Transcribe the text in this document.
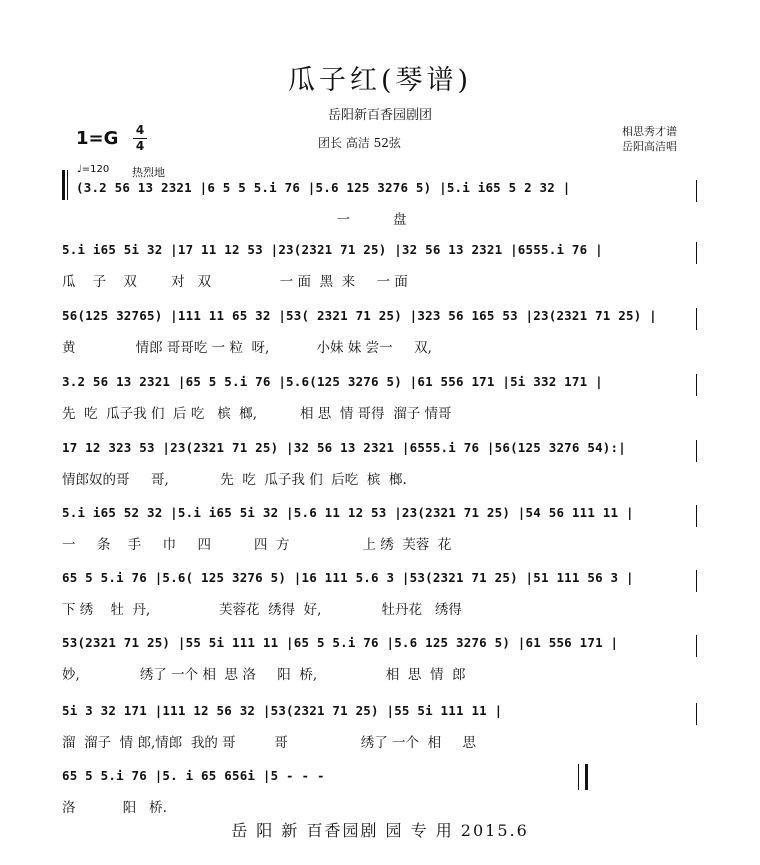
瓜子红(琴谱)
岳阳新百香园剧团
1=G 4
4	团长 高洁 52弦
相思秀才谱
岳阳高洁唱
♩=120 热烈地
(3.2 56 13 2321 |6 5 5 5.i 76 |5.6 125 3276 5) |5.i i65 5 2 32 |
一          盘
5.i i65 5i 32 |17 11 12 53 |23(2321 71 25) |32 56 13 2321 |6555.i 76 |
瓜    子    双        对   双                一 面  黑  来     一 面
56(125 32765) |111 11 65 32 |53( 2321 71 25) |323 56 165 53 |23(2321 71 25) |
黄              情郎 哥哥吃 一 粒  呀,           小妹 妹 尝一     双,
3.2 56 13 2321 |65 5 5.i 76 |5.6(125 3276 5) |61 556 171 |5i 332 171 |
先  吃  瓜子我 们  后 吃   槟  榔,          相 思  情 哥得  溜子 情哥
17 12 323 53 |23(2321 71 25) |32 56 13 2321 |6555.i 76 |56(125 3276 54):|
情郎奴的哥     哥,            先  吃  瓜子我 们  后吃  槟  榔.
5.i i65 52 32 |5.i i65 5i 32 |5.6 11 12 53 |23(2321 71 25) |54 56 111 11 |
一     条    手     巾     四          四  方                 上 绣  芙蓉  花
65 5 5.i 76 |5.6( 125 3276 5) |16 111 5.6 3 |53(2321 71 25) |51 111 56 3 |
下 绣    牡  丹,                芙蓉花  绣得  好,              牡丹花   绣得
53(2321 71 25) |55 5i 111 11 |65 5 5.i 76 |5.6 125 3276 5) |61 556 171 |
妙,              绣了 一个 相  思 洛     阳  桥,                相  思  情  郎
5i 3 32 171 |111 12 56 32 |53(2321 71 25) |55 5i 111 11 |
溜  溜子  情 郎,情郎  我的 哥         哥                 绣了 一个  相     思
65 5 5.i 76 |5. i 65 656i |5 - - -
洛           阳   桥.
岳 阳 新 百香园剧 园 专 用 2015.6
